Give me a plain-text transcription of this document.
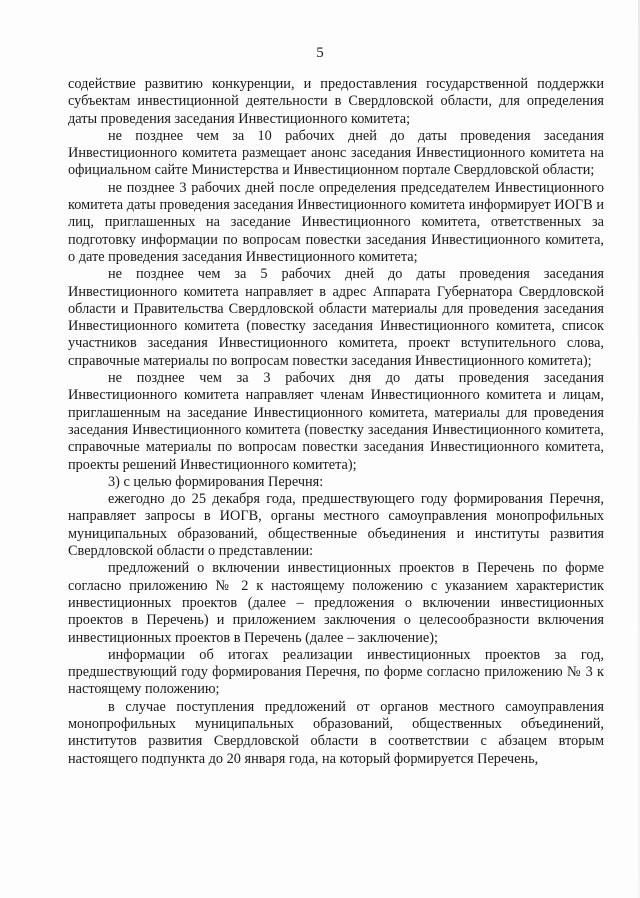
5

содействие развитию конкуренции, и предоставления государственной поддержки субъектам инвестиционной деятельности в Свердловской области, для определения даты проведения заседания Инвестиционного комитета;

не позднее чем за 10 рабочих дней до даты проведения заседания Инвестиционного комитета размещает анонс заседания Инвестиционного комитета на официальном сайте Министерства и Инвестиционном портале Свердловской области;

не позднее 3 рабочих дней после определения председателем Инвестиционного комитета даты проведения заседания Инвестиционного комитета информирует ИОГВ и лиц, приглашенных на заседание Инвестиционного комитета, ответственных за подготовку информации по вопросам повестки заседания Инвестиционного комитета, о дате проведения заседания Инвестиционного комитета;

не позднее чем за 5 рабочих дней до даты проведения заседания Инвестиционного комитета направляет в адрес Аппарата Губернатора Свердловской области и Правительства Свердловской области материалы для проведения заседания Инвестиционного комитета (повестку заседания Инвестиционного комитета, список участников заседания Инвестиционного комитета, проект вступительного слова, справочные материалы по вопросам повестки заседания Инвестиционного комитета);

не позднее чем за 3 рабочих дня до даты проведения заседания Инвестиционного комитета направляет членам Инвестиционного комитета и лицам, приглашенным на заседание Инвестиционного комитета, материалы для проведения заседания Инвестиционного комитета (повестку заседания Инвестиционного комитета, справочные материалы по вопросам повестки заседания Инвестиционного комитета, проекты решений Инвестиционного комитета);

3) с целью формирования Перечня:

ежегодно до 25 декабря года, предшествующего году формирования Перечня, направляет запросы в ИОГВ, органы местного самоуправления монопрофильных муниципальных образований, общественные объединения и институты развития Свердловской области о представлении:

предложений о включении инвестиционных проектов в Перечень по форме согласно приложению № 2 к настоящему положению с указанием характеристик инвестиционных проектов (далее – предложения о включении инвестиционных проектов в Перечень) и приложением заключения о целесообразности включения инвестиционных проектов в Перечень (далее – заключение);

информации об итогах реализации инвестиционных проектов за год, предшествующий году формирования Перечня, по форме согласно приложению № 3 к настоящему положению;

в случае поступления предложений от органов местного самоуправления монопрофильных муниципальных образований, общественных объединений, институтов развития Свердловской области в соответствии с абзацем вторым настоящего подпункта до 20 января года, на который формируется Перечень,
